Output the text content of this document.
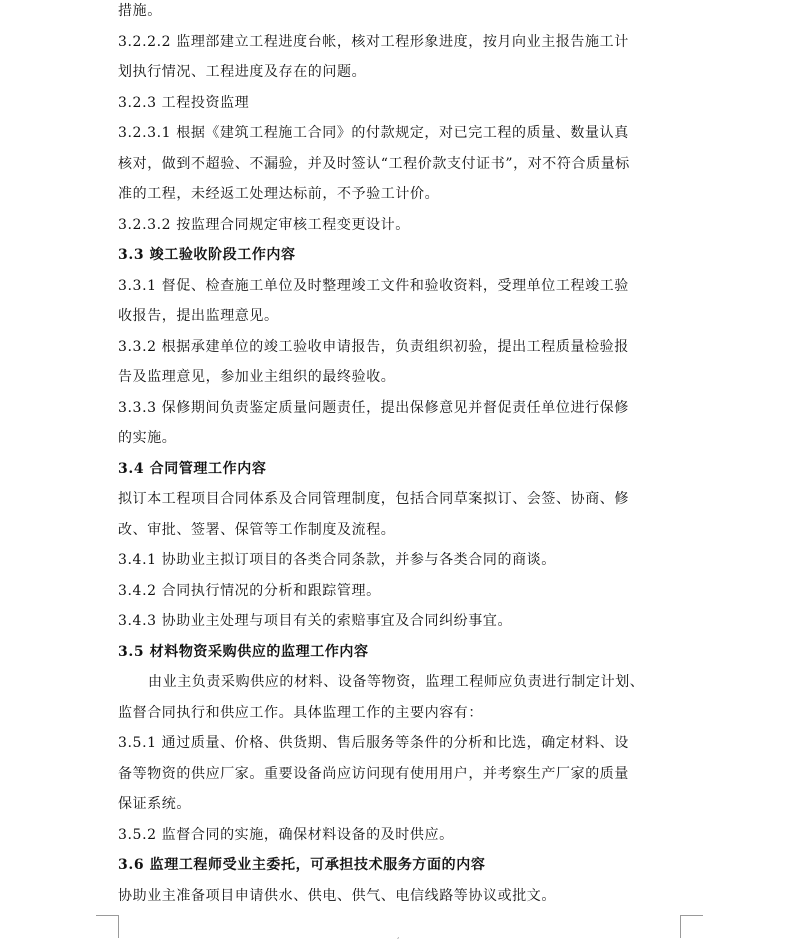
措施。
3.2.2.2 监理部建立工程进度台帐，核对工程形象进度，按月向业主报告施工计
划执行情况、工程进度及存在的问题。
3.2.3 工程投资监理
3.2.3.1 根据《建筑工程施工合同》的付款规定，对已完工程的质量、数量认真
核对，做到不超验、不漏验，并及时签认“工程价款支付证书”，对不符合质量标
准的工程，未经返工处理达标前，不予验工计价。
3.2.3.2 按监理合同规定审核工程变更设计。
3.3 竣工验收阶段工作内容
3.3.1 督促、检查施工单位及时整理竣工文件和验收资料，受理单位工程竣工验
收报告，提出监理意见。
3.3.2 根据承建单位的竣工验收申请报告，负责组织初验，提出工程质量检验报
告及监理意见，参加业主组织的最终验收。
3.3.3 保修期间负责鉴定质量问题责任，提出保修意见并督促责任单位进行保修
的实施。
3.4 合同管理工作内容
拟订本工程项目合同体系及合同管理制度，包括合同草案拟订、会签、协商、修
改、审批、签署、保管等工作制度及流程。
3.4.1 协助业主拟订项目的各类合同条款，并参与各类合同的商谈。
3.4.2 合同执行情况的分析和跟踪管理。
3.4.3 协助业主处理与项目有关的索赔事宜及合同纠纷事宜。
3.5 材料物资采购供应的监理工作内容
由业主负责采购供应的材料、设备等物资，监理工程师应负责进行制定计划、
监督合同执行和供应工作。具体监理工作的主要内容有：
3.5.1 通过质量、价格、供货期、售后服务等条件的分析和比选，确定材料、设
备等物资的供应厂家。重要设备尚应访问现有使用用户，并考察生产厂家的质量
保证系统。
3.5.2 监督合同的实施，确保材料设备的及时供应。
3.6 监理工程师受业主委托，可承担技术服务方面的内容
协助业主准备项目申请供水、供电、供气、电信线路等协议或批文。
¸
